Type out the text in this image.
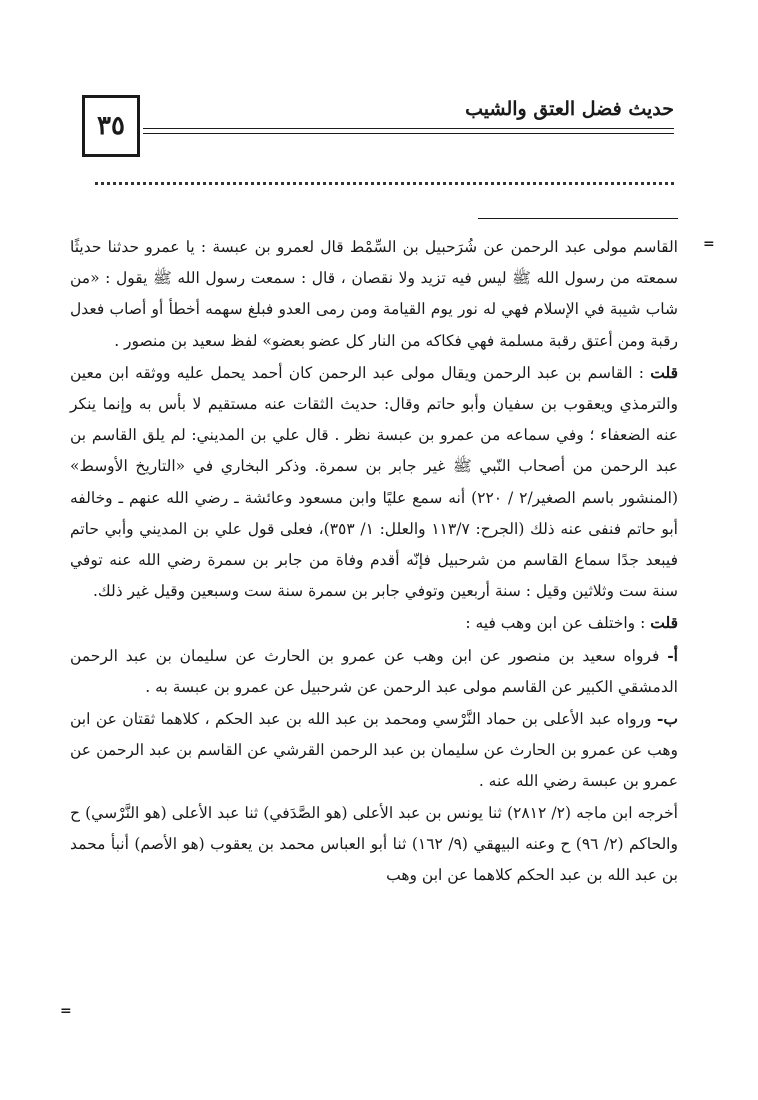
٣٥
حديث فضل العتق والشيب
=
=

القاسم مولى عبد الرحمن عن شُرَحبيل بن السِّمْط قال لعمرو بن عبسة : يا عمرو حدثنا حديثًا سمعته من رسول الله ﷺ ليس فيه تزيد ولا نقصان ، قال : سمعت رسول الله ﷺ يقول : «من شاب شيبة في الإسلام فهي له نور يوم القيامة ومن رمى العدو فبلغ سهمه أخطأ أو أصاب فعدل رقبة ومن أعتق رقبة مسلمة فهي فكاكه من النار كل عضو بعضو» لفظ سعيد بن منصور .

قلت : القاسم بن عبد الرحمن ويقال مولى عبد الرحمن كان أحمد يحمل عليه ووثقه ابن معين والترمذي ويعقوب بن سفيان وأبو حاتم وقال: حديث الثقات عنه مستقيم لا بأس به وإنما ينكر عنه الضعفاء ؛ وفي سماعه من عمرو بن عبسة نظر . قال علي بن المديني: لم يلق القاسم بن عبد الرحمن من أصحاب النّبي ﷺ غير جابر بن سمرة. وذكر البخاري في «التاريخ الأوسط» (المنشور باسم الصغير/٢ / ٢٢٠) أنه سمع عليًا وابن مسعود وعائشة ـ رضي الله عنهم ـ وخالفه أبو حاتم فنفى عنه ذلك (الجرح: ١١٣/٧ والعلل: ١/ ٣٥٣)، فعلى قول علي بن المديني وأبي حاتم فيبعد جدًا سماع القاسم من شرحبيل فإنّه أقدم وفاة من جابر بن سمرة رضي الله عنه توفي سنة ست وثلاثين وقيل : سنة أربعين وتوفي جابر بن سمرة سنة ست وسبعين وقيل غير ذلك.

قلت : واختلف عن ابن وهب فيه :

أ- فرواه سعيد بن منصور عن ابن وهب عن عمرو بن الحارث عن سليمان بن عبد الرحمن الدمشقي الكبير عن القاسم مولى عبد الرحمن عن شرحبيل عن عمرو بن عبسة به .

ب- ورواه عبد الأعلى بن حماد النَّرْسي ومحمد بن عبد الله بن عبد الحكم ، كلاهما ثقتان عن ابن وهب عن عمرو بن الحارث عن سليمان بن عبد الرحمن القرشي عن القاسم بن عبد الرحمن عن عمرو بن عبسة رضي الله عنه .

أخرجه ابن ماجه (٢/ ٢٨١٢) ثنا يونس بن عبد الأعلى (هو الصَّدَفي) ثنا عبد الأعلى (هو النَّرْسي) ح والحاكم (٢/ ٩٦) ح وعنه البيهقي (٩/ ١٦٢) ثنا أبو العباس محمد بن يعقوب (هو الأصم) أنبأ محمد بن عبد الله بن عبد الحكم كلاهما عن ابن وهب
